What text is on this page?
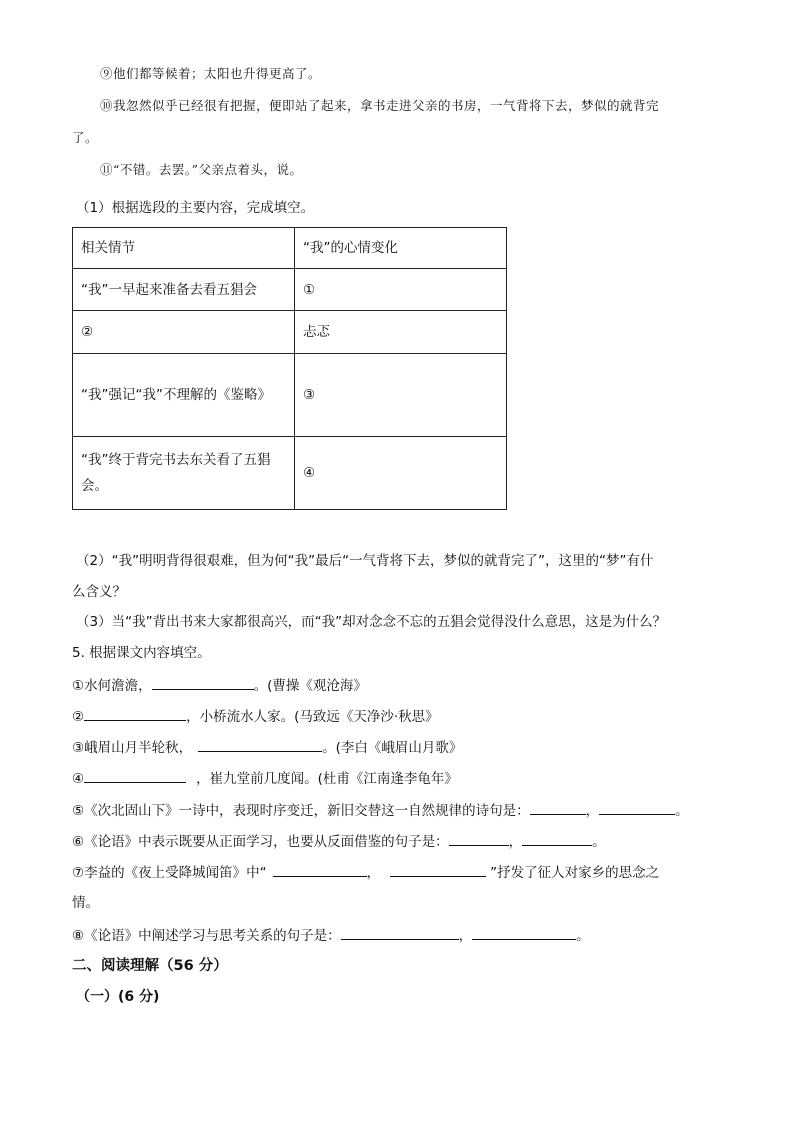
⑨他们都等候着；太阳也升得更高了。
⑩我忽然似乎已经很有把握，便即站了起来，拿书走进父亲的书房，一气背将下去，梦似的就背完
了。
⑪“不错。去罢。”父亲点着头，说。
（1）根据选段的主要内容，完成填空。
相关情节	“我”的心情变化
“我”一早起来准备去看五猖会	①
②	忐忑
“我”强记“我”不理解的《鉴略》	③
“我”终于背完书去东关看了五猖会。	④
（2）“我”明明背得很艰难，但为何“我”最后“一气背将下去，梦似的就背完了”，这里的“梦”有什
么含义？
（3）当“我”背出书来大家都很高兴，而“我”却对念念不忘的五猖会觉得没什么意思，这是为什么？
5. 根据课文内容填空。
①水何澹澹，	。(曹操《观沧海》
②	，小桥流水人家。(马致远《天净沙·秋思》
③峨眉山月半轮秋，	。(李白《峨眉山月歌》
④	，崔九堂前几度闻。(杜甫《江南逢李龟年》
⑤《次北固山下》一诗中，表现时序变迁，新旧交替这一自然规律的诗句是：	，	。
⑥《论语》中表示既要从正面学习，也要从反面借鉴的句子是：	，	。
⑦李益的《夜上受降城闻笛》中“	，	”抒发了征人对家乡的思念之
情。
⑧《论语》中阐述学习与思考关系的句子是：	，	。
二、阅读理解（56 分）
（一）(6 分)
